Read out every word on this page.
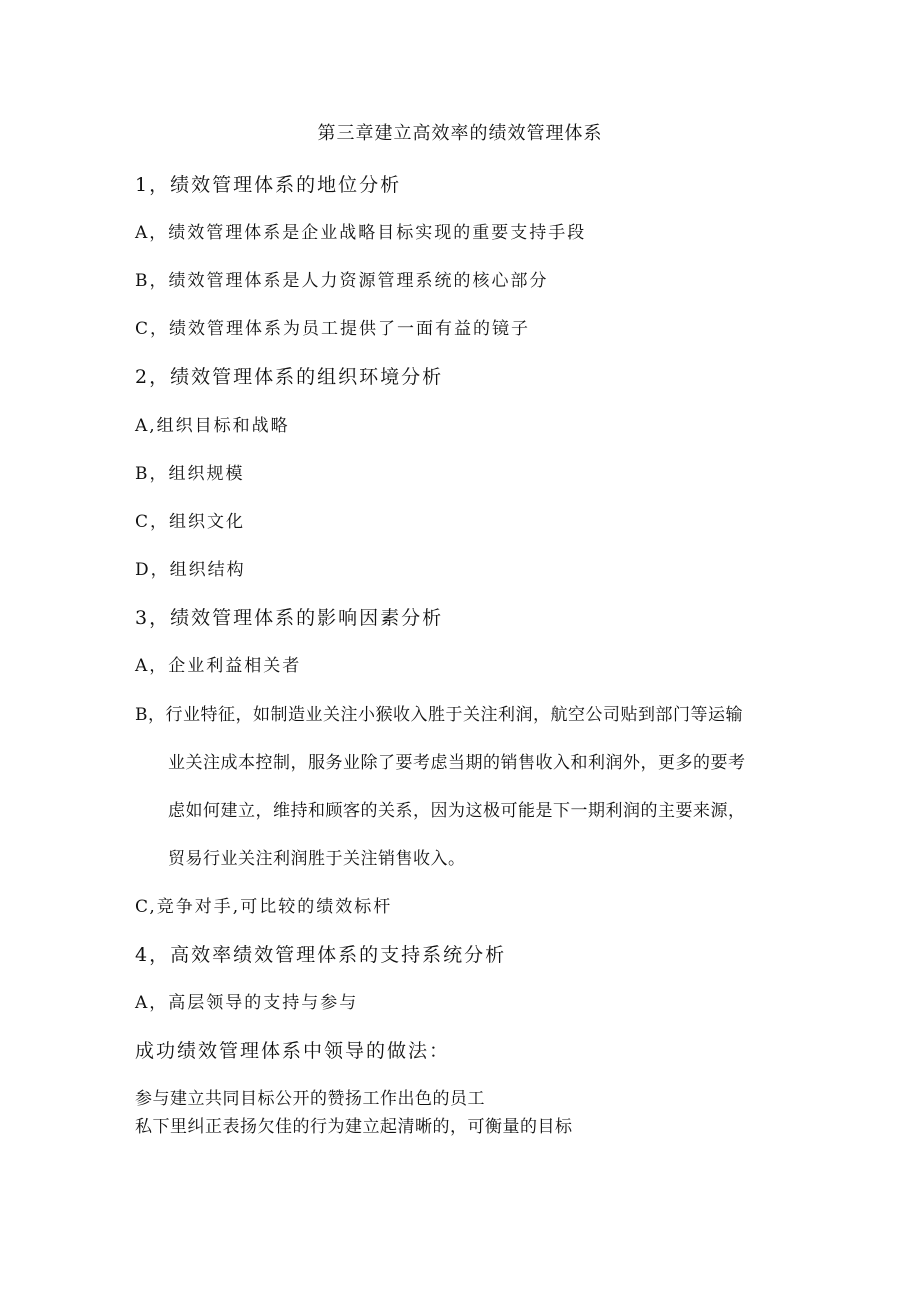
第三章建立高效率的绩效管理体系
1，绩效管理体系的地位分析
A，绩效管理体系是企业战略目标实现的重要支持手段
B，绩效管理体系是人力资源管理系统的核心部分
C，绩效管理体系为员工提供了一面有益的镜子
2，绩效管理体系的组织环境分析
A,组织目标和战略
B，组织规模
C，组织文化
D，组织结构
3，绩效管理体系的影响因素分析
A，企业利益相关者
B，行业特征，如制造业关注小猴收入胜于关注利润，航空公司贴到部门等运输
业关注成本控制，服务业除了要考虑当期的销售收入和利润外，更多的要考
虑如何建立，维持和顾客的关系，因为这极可能是下一期利润的主要来源，
贸易行业关注利润胜于关注销售收入。
C,竞争对手,可比较的绩效标杆
4，高效率绩效管理体系的支持系统分析
A，高层领导的支持与参与
成功绩效管理体系中领导的做法：
参与建立共同目标公开的赞扬工作出色的员工
私下里纠正表扬欠佳的行为建立起清晰的，可衡量的目标
